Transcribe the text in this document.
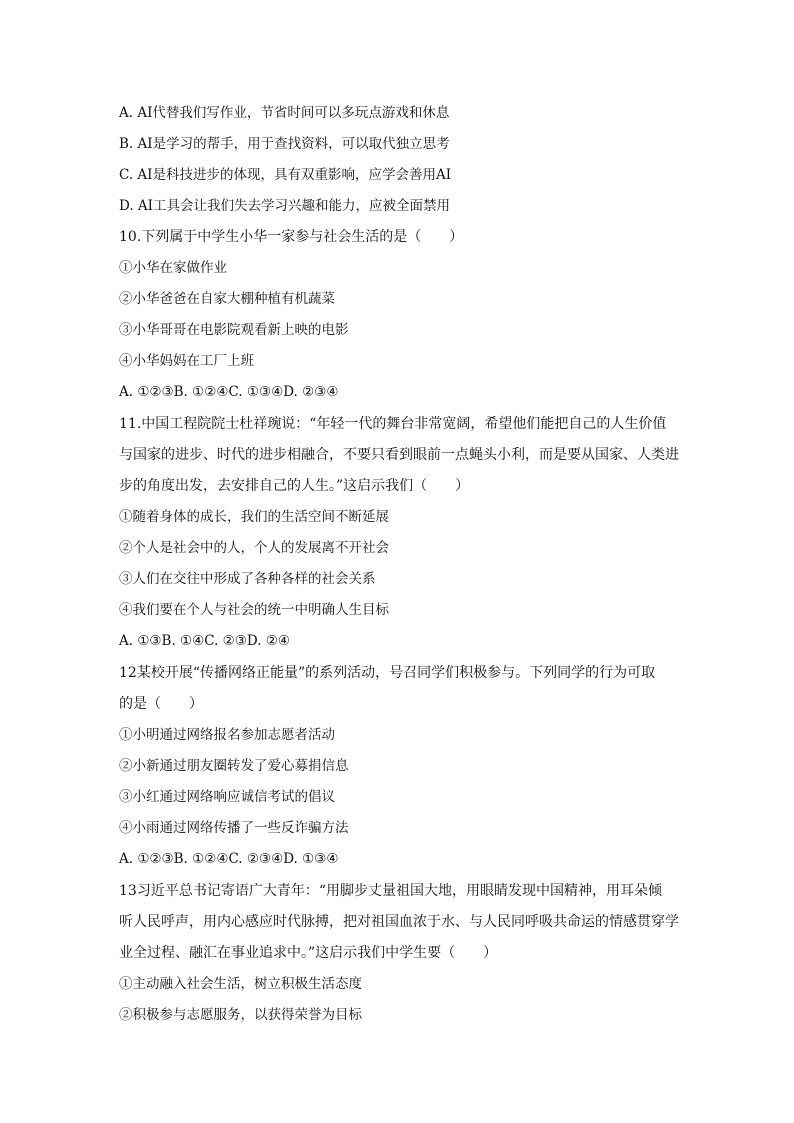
A. AI代替我们写作业，节省时间可以多玩点游戏和休息
B. AI是学习的帮手，用于查找资料，可以取代独立思考
C. AI是科技进步的体现，具有双重影响，应学会善用AI
D. AI工具会让我们失去学习兴趣和能力，应被全面禁用
10.下列属于中学生小华一家参与社会生活的是（　　）
①小华在家做作业
②小华爸爸在自家大棚种植有机蔬菜
③小华哥哥在电影院观看新上映的电影
④小华妈妈在工厂上班
A. ①②③B. ①②④C. ①③④D. ②③④
11.中国工程院院士杜祥琬说：“年轻一代的舞台非常宽阔，希望他们能把自己的人生价值
与国家的进步、时代的进步相融合，不要只看到眼前一点蝇头小利，而是要从国家、人类进
步的角度出发，去安排自己的人生。”这启示我们（　　）
①随着身体的成长，我们的生活空间不断延展
②个人是社会中的人，个人的发展离不开社会
③人们在交往中形成了各种各样的社会关系
④我们要在个人与社会的统一中明确人生目标
A. ①③B. ①④C. ②③D. ②④
12某校开展“传播网络正能量”的系列活动，号召同学们积极参与。下列同学的行为可取
的是（　　）
①小明通过网络报名参加志愿者活动
②小新通过朋友圈转发了爱心募捐信息
③小红通过网络响应诚信考试的倡议
④小雨通过网络传播了一些反诈骗方法
A. ①②③B. ①②④C. ②③④D. ①③④
13习近平总书记寄语广大青年：“用脚步丈量祖国大地，用眼睛发现中国精神，用耳朵倾
听人民呼声，用内心感应时代脉搏，把对祖国血浓于水、与人民同呼吸共命运的情感贯穿学
业全过程、融汇在事业追求中。”这启示我们中学生要（　　）
①主动融入社会生活，树立积极生活态度
②积极参与志愿服务，以获得荣誉为目标
